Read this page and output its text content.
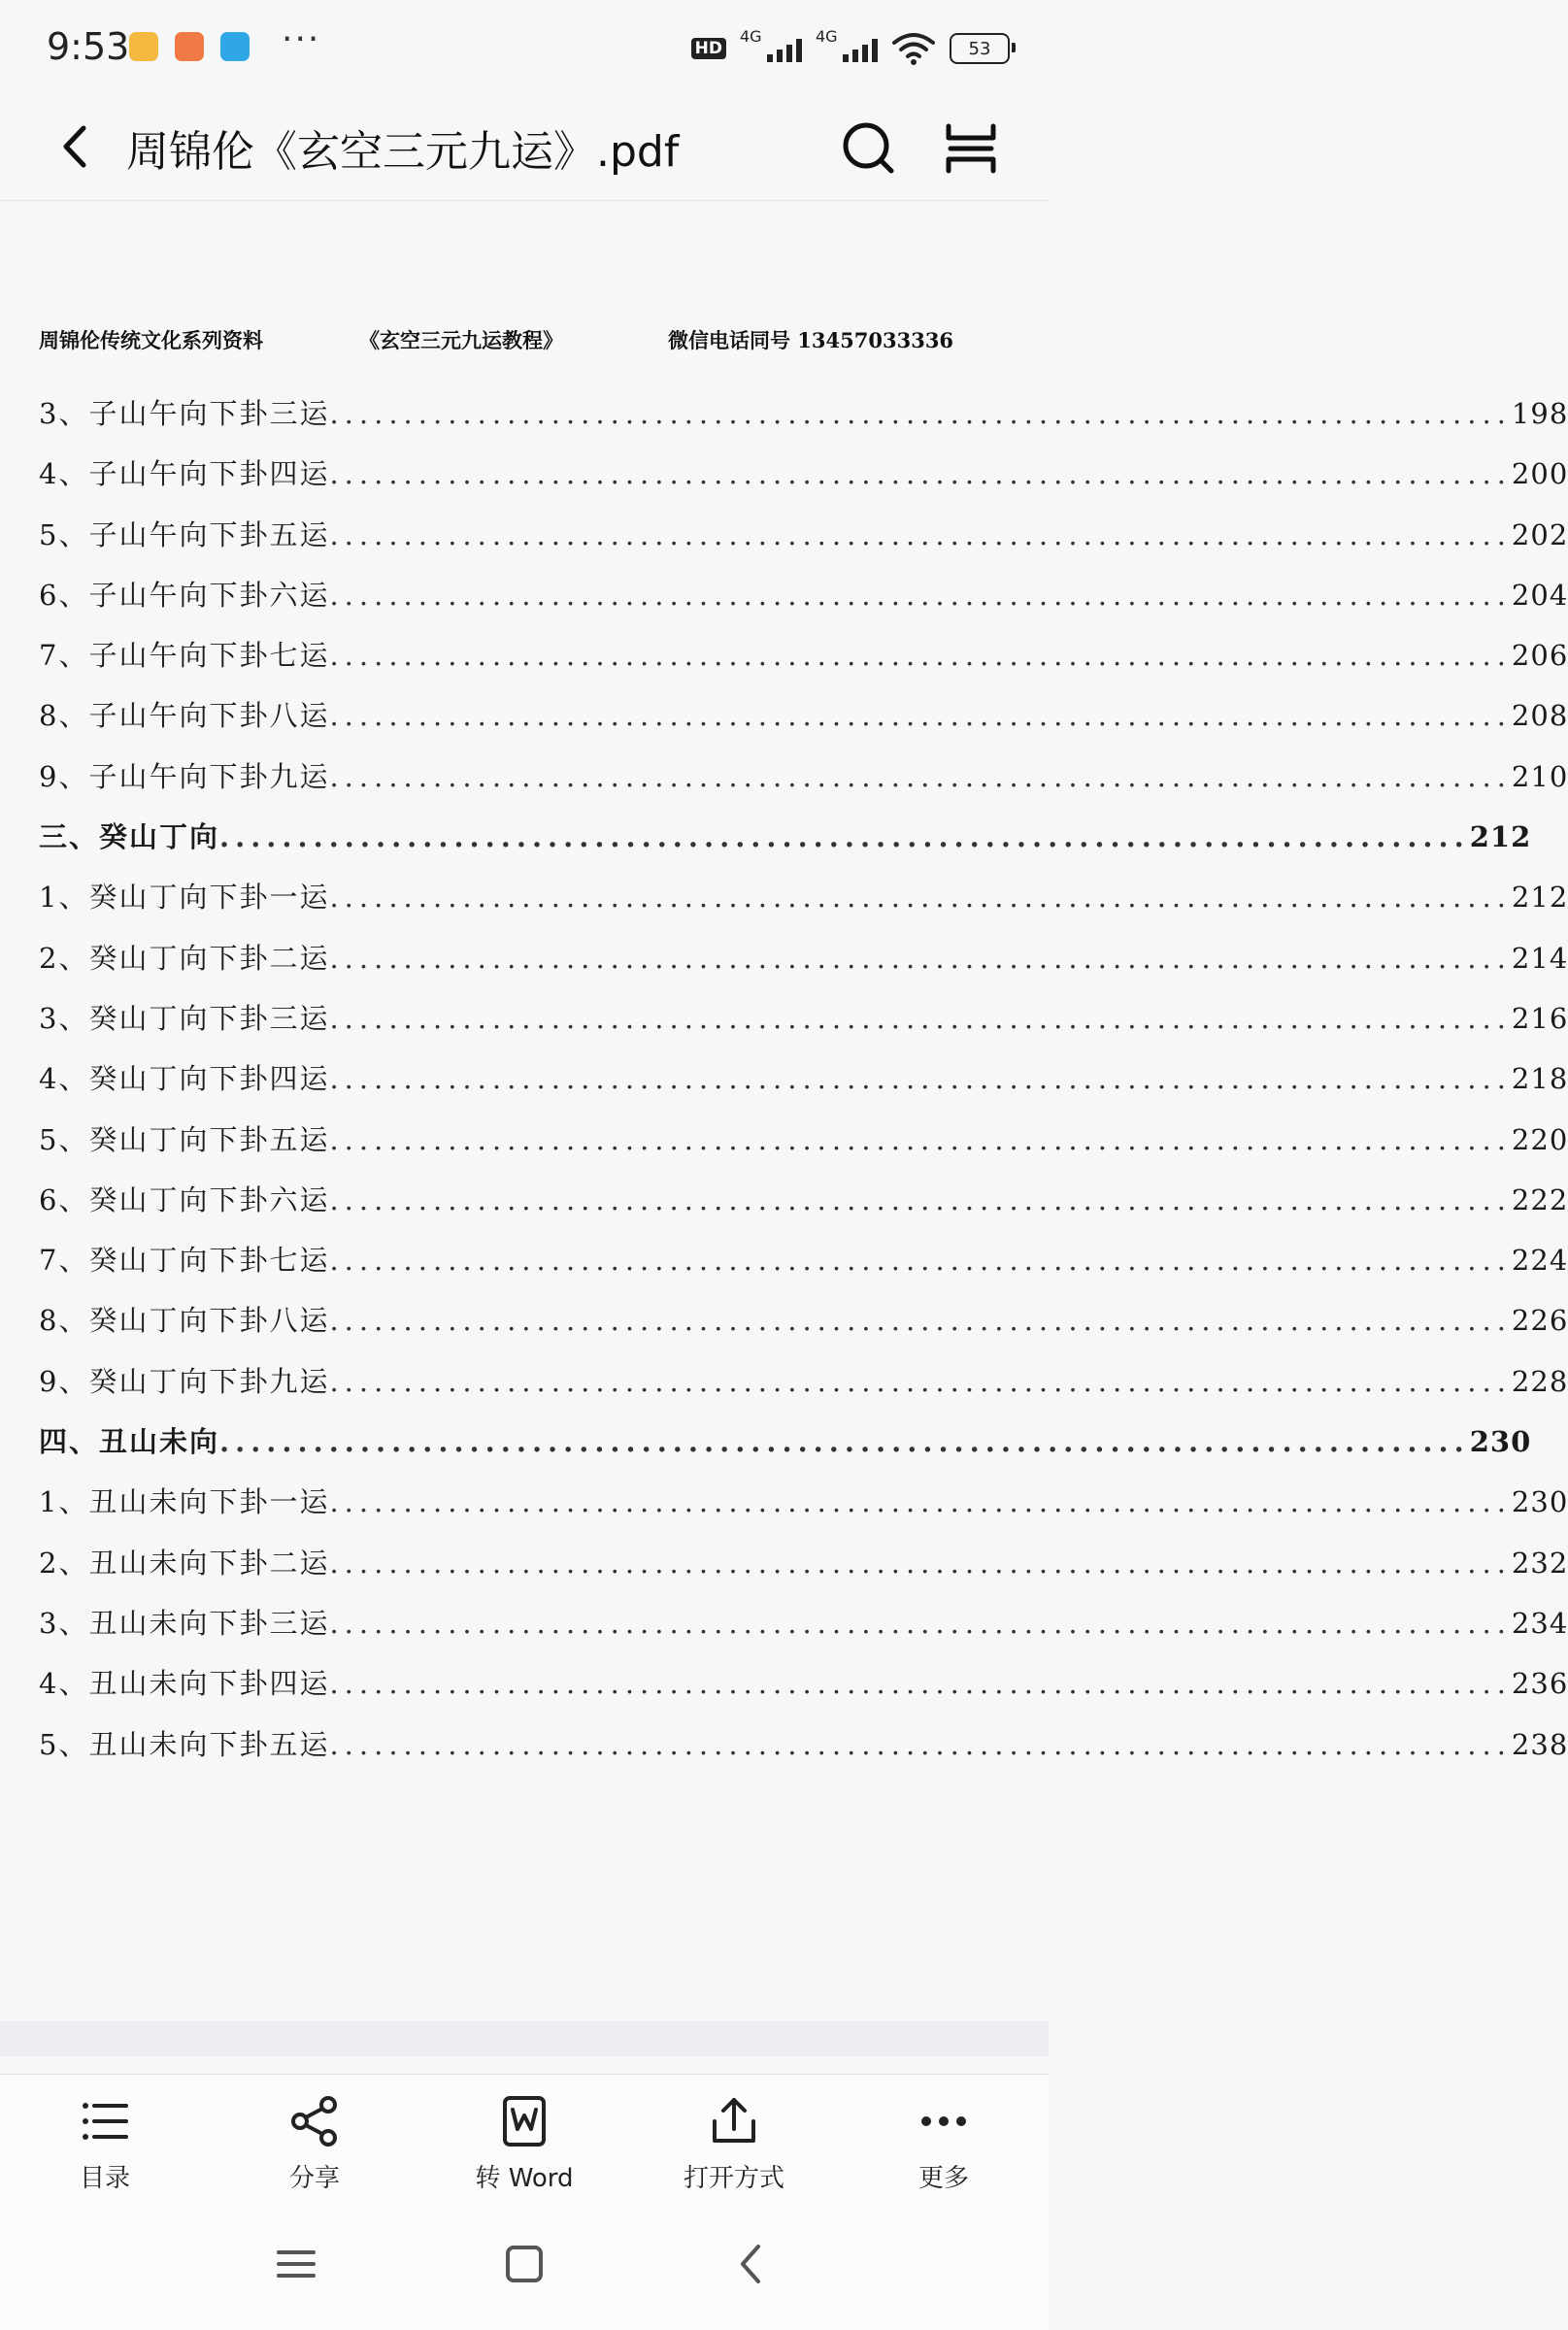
9:53	···	HD
4G	4G
53
周锦伦《玄空三元九运》.pdf
周锦伦传统文化系列资料	《玄空三元九运教程》	微信电话同号 13457033336
3、子山午向下卦三运 ................................................................................ 198
4、子山午向下卦四运 ................................................................................ 200
5、子山午向下卦五运 ................................................................................ 202
6、子山午向下卦六运 ................................................................................ 204
7、子山午向下卦七运 ................................................................................ 206
8、子山午向下卦八运 ................................................................................ 208
9、子山午向下卦九运 ................................................................................ 210
三、癸山丁向 ................................................................................ 212
1、癸山丁向下卦一运 ................................................................................ 212
2、癸山丁向下卦二运 ................................................................................ 214
3、癸山丁向下卦三运 ................................................................................ 216
4、癸山丁向下卦四运 ................................................................................ 218
5、癸山丁向下卦五运 ................................................................................ 220
6、癸山丁向下卦六运 ................................................................................ 222
7、癸山丁向下卦七运 ................................................................................ 224
8、癸山丁向下卦八运 ................................................................................ 226
9、癸山丁向下卦九运 ................................................................................ 228
四、丑山未向 ................................................................................ 230
1、丑山未向下卦一运 ................................................................................ 230
2、丑山未向下卦二运 ................................................................................ 232
3、丑山未向下卦三运 ................................................................................ 234
4、丑山未向下卦四运 ................................................................................ 236
5、丑山未向下卦五运 ................................................................................ 238
目录	分享	转 Word	打开方式	更多
